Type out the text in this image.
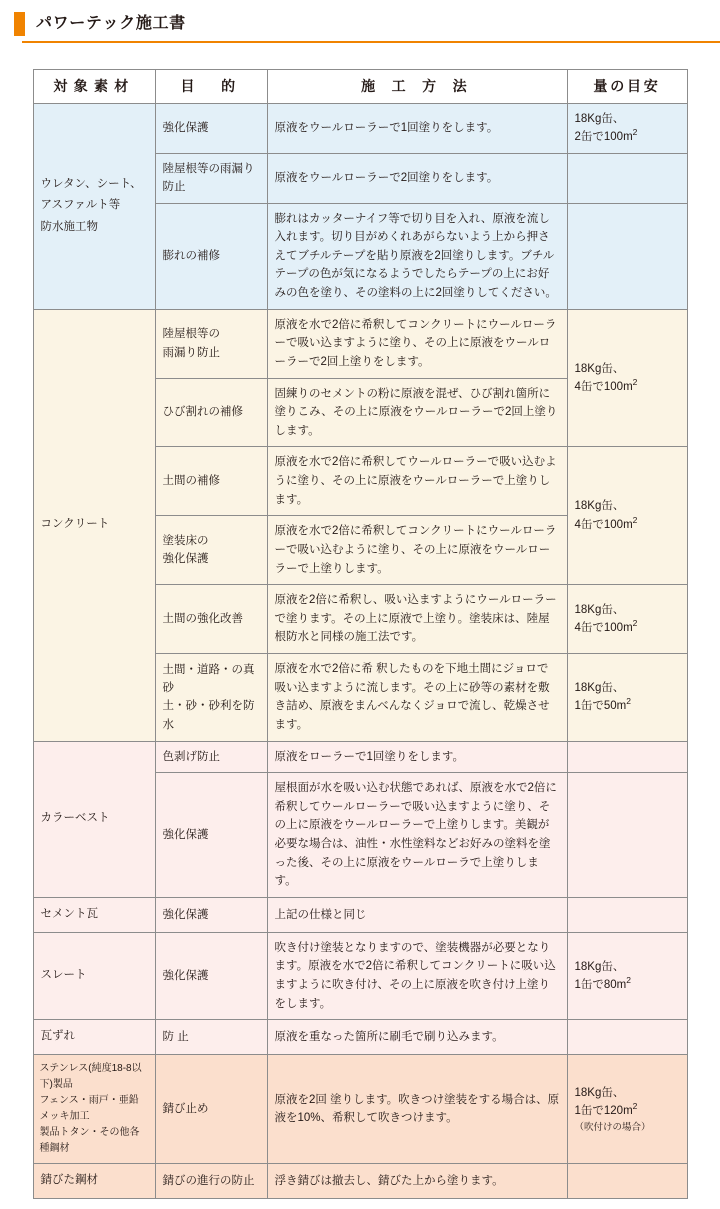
パワーテック施工書
対象素材	目　的	施 工 方 法	量の目安
ウレタン、シート、
アスファルト等
防水施工物	強化保護	原液をウールローラーで1回塗りをします。	18Kg缶、
2缶で$100m^2$
	陸屋根等の雨漏り防止	原液をウールローラーで2回塗りをします。	
	膨れの補修	膨れはカッターナイフ等で切り目を入れ、原液を流し入れます。切り目がめくれあがらないよう上から押さえてブチルテープを貼り原液を2回塗りします。ブチルテープの色が気になるようでしたらテープの上にお好みの色を塗り、その塗料の上に2回塗りしてください。	
コンクリート	陸屋根等の
雨漏り防止	原液を水で2倍に希釈してコンクリートにウールローラーで吸い込ますように塗り、その上に原液をウールローラーで2回上塗りをします。	18Kg缶、
4缶で$100m^2$
	ひび割れの補修	固練りのセメントの粉に原液を混ぜ、ひび割れ箇所に塗りこみ、その上に原液をウールローラーで2回上塗りします。	
	土間の補修	原液を水で2倍に希釈してウールローラーで吸い込むように塗り、その上に原液をウールローラーで上塗りします。	18Kg缶、
4缶で$100m^2$
	塗装床の
強化保護	原液を水で2倍に希釈してコンクリートにウールローラーで吸い込むように塗り、その上に原液をウールローラーで上塗りします。	
	土間の強化改善	原液を2倍に希釈し、吸い込ますようにウールローラーで塗ります。その上に原液で上塗り。塗装床は、陸屋根防水と同様の施工法です。	18Kg缶、
4缶で$100m^2$
	土間・道路・の真砂
土・砂・砂利を防水	原液を水で2倍に希 釈したものを下地土間にジョロで吸い込ますように流します。その上に砂等の素材を敷き詰め、原液をまんべんなくジョロで流し、乾燥させます。	18Kg缶、
1缶で$50m^2$
カラーベスト	色剥げ防止	原液をローラーで1回塗りをします。	
	強化保護	屋根面が水を吸い込む状態であれば、原液を水で2倍に希釈してウールローラーで吸い込ますように塗り、その上に原液をウールローラーで上塗りします。美観が必要な場合は、油性・水性塗料などお好みの塗料を塗った後、その上に原液をウールローラで上塗りします。	
セメント瓦	強化保護	上記の仕様と同じ	
スレート	強化保護	吹き付け塗装となりますので、塗装機器が必要となります。原液を水で2倍に希釈してコンクリートに吸い込ますように吹き付け、その上に原液を吹き付け上塗りをします。	18Kg缶、
1缶で$80m^2$
瓦ずれ	防 止	原液を重なった箇所に刷毛で刷り込みます。	
ステンレス(純度18-8以下)製品
フェンス・雨戸・亜鉛メッキ加工
製品トタン・その他各種鋼材	錆び止め	原液を2回 塗りします。吹きつけ塗装をする場合は、原液を10%、希釈して吹きつけます。	18Kg缶、
1缶で$120m^2$
（吹付けの場合）

錆びた鋼材	錆びの進行の防止	浮き錆びは撤去し、錆びた上から塗ります。	
